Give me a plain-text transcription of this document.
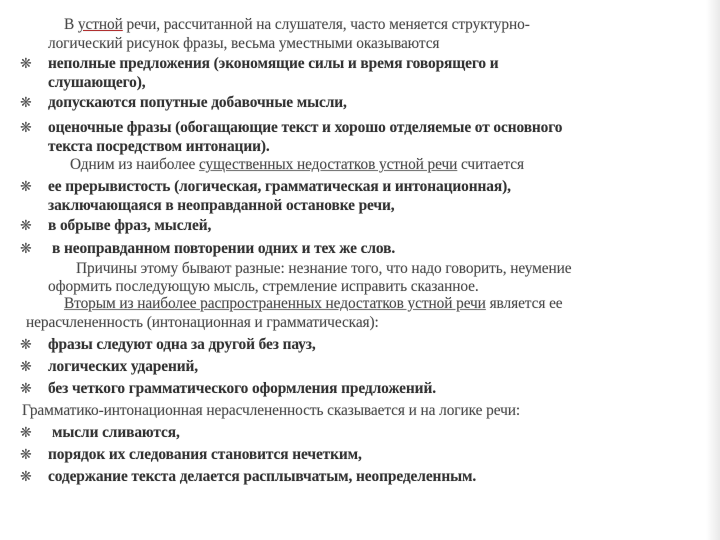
В устной речи, рассчитанной на слушателя, часто меняется структурно-
логический рисунок фразы, весьма уместными оказываются
❋ неполные предложения (экономящие силы и время говорящего и
слушающего),
❋ допускаются попутные добавочные мысли,
❋ оценочные фразы (обогащающие текст и хорошо отделяемые от основного
текста посредством интонации).
Одним из наиболее существенных недостатков устной речи считается
❋ ее прерывистость (логическая, грамматическая и интонационная),
заключающаяся в неоправданной остановке речи,
❋ в обрыве фраз, мыслей,
❋ в неоправданном повторении одних и тех же слов.
Причины этому бывают разные: незнание того, что надо говорить, неумение
оформить последующую мысль, стремление исправить сказанное.
Вторым из наиболее распространенных недостатков устной речи является ее
нерасчлененность (интонационная и грамматическая):
❋ фразы следуют одна за другой без пауз,
❋ логических ударений,
❋ без четкого грамматического оформления предложений.
Грамматико-интонационная нерасчлененность сказывается и на логике речи:
❋ мысли сливаются,
❋ порядок их следования становится нечетким,
❋ содержание текста делается расплывчатым, неопределенным.
